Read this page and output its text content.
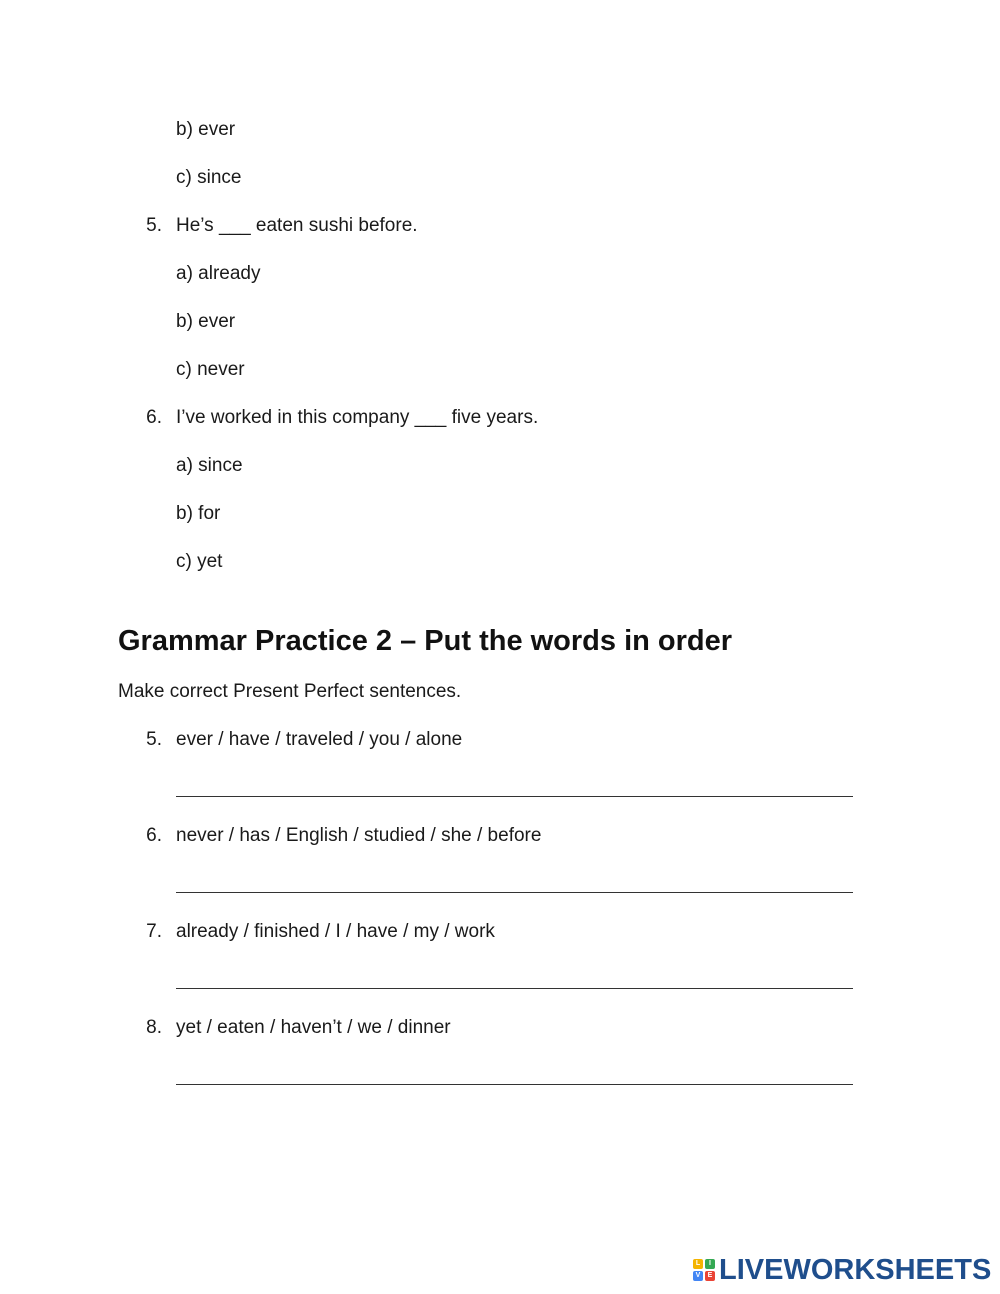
b) ever
c) since
5. He’s ___ eaten sushi before.
a) already
b) ever
c) never
6. I’ve worked in this company ___ five years.
a) since
b) for
c) yet
Grammar Practice 2 – Put the words in order
Make correct Present Perfect sentences.
5. ever / have / traveled / you / alone
6. never / has / English / studied / she / before
7. already / finished / I / have / my / work
8. yet / eaten / haven’t / we / dinner
L	I
V	E LIVEWORKSHEETS
